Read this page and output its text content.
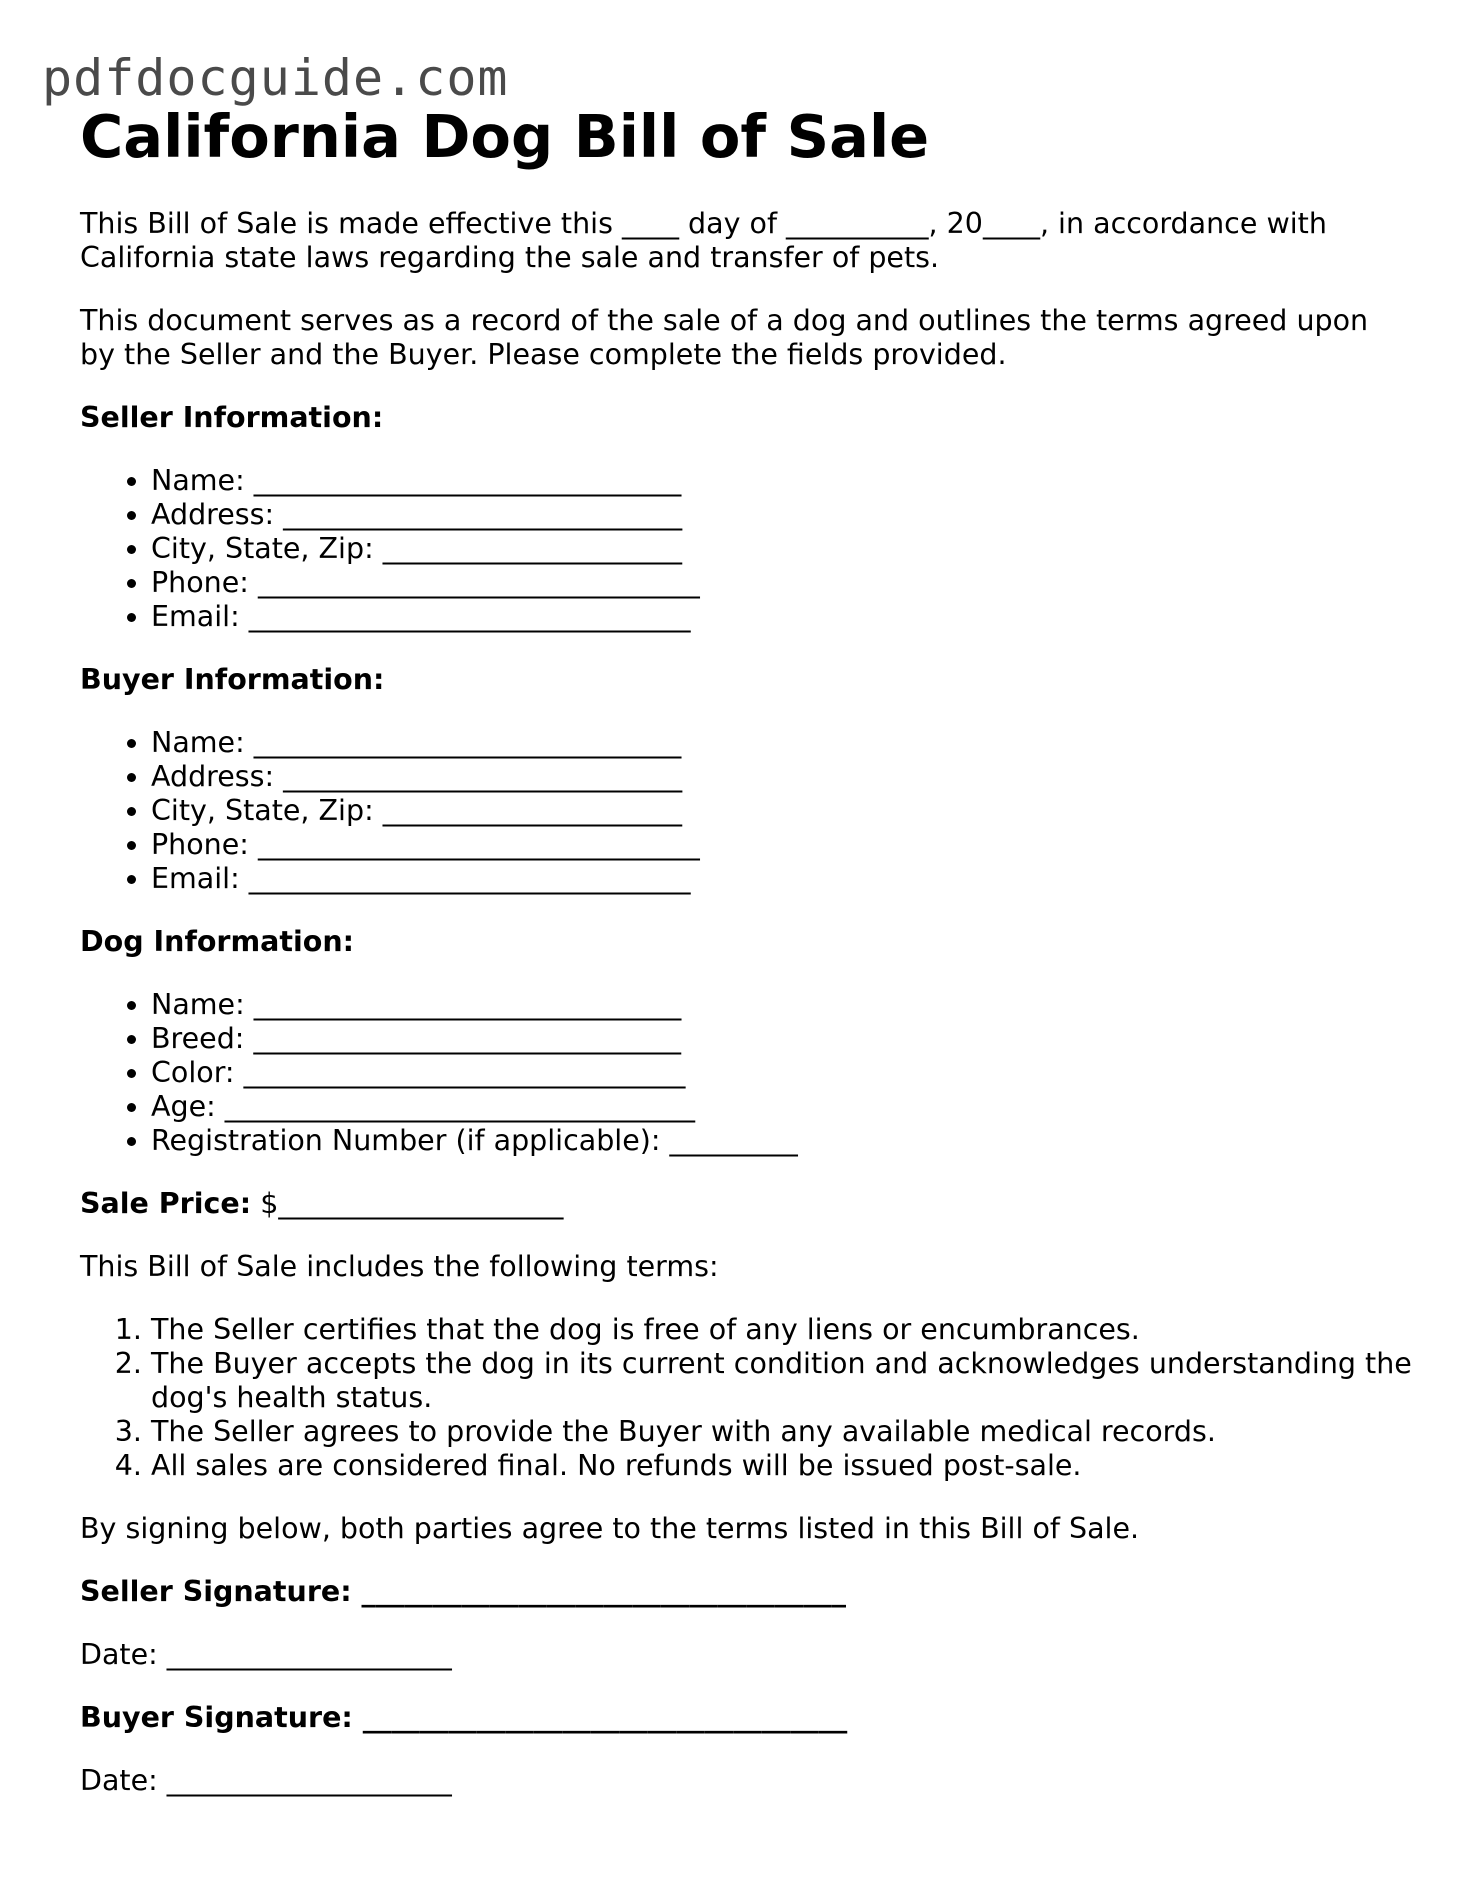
pdfdocguide.com
California Dog Bill of Sale

This Bill of Sale is made effective this ____ day of __________, 20____, in accordance with

California state laws regarding the sale and transfer of pets.

This document serves as a record of the sale of a dog and outlines the terms agreed upon

by the Seller and the Buyer. Please complete the fields provided.

Seller Information:

• Name: ______________________________
• Address: ____________________________
• City, State, Zip: _____________________
• Phone: _______________________________
• Email: _______________________________

Buyer Information:

• Name: ______________________________
• Address: ____________________________
• City, State, Zip: _____________________
• Phone: _______________________________
• Email: _______________________________

Dog Information:

• Name: ______________________________
• Breed: ______________________________
• Color: _______________________________
• Age: _________________________________
• Registration Number (if applicable): _________

Sale Price: $____________________

This Bill of Sale includes the following terms:

1. The Seller certifies that the dog is free of any liens or encumbrances.
2. The Buyer accepts the dog in its current condition and acknowledges understanding the dog's health status.
3. The Seller agrees to provide the Buyer with any available medical records.
4. All sales are considered final. No refunds will be issued post-sale.

By signing below, both parties agree to the terms listed in this Bill of Sale.

Seller Signature: __________________________________

Date: ____________________

Buyer Signature: __________________________________

Date: ____________________
